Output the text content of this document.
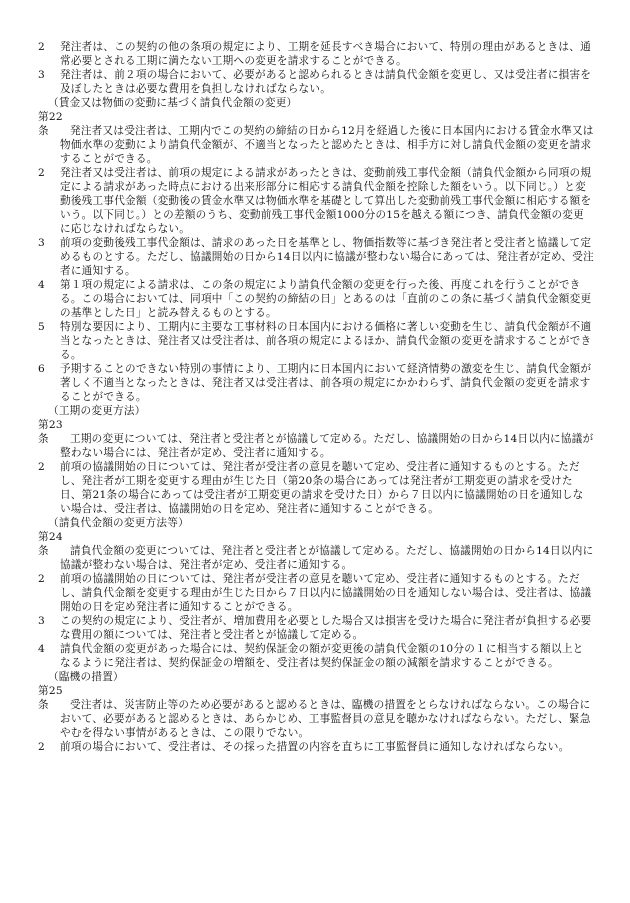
2 発注者は、この契約の他の条項の規定により、工期を延長すべき場合において、特別の理由があるときは、通常必要とされる工期に満たない工期への変更を請求することができる。

3 発注者は、前２項の場合において、必要があると認められるときは請負代金額を変更し、又は受注者に損害を及ぼしたときは必要な費用を負担しなければならない。

（賃金又は物価の変動に基づく請負代金額の変更）

第22条 発注者又は受注者は、工期内でこの契約の締結の日から12月を経過した後に日本国内における賃金水準又は物価水準の変動により請負代金額が、不適当となったと認めたときは、相手方に対し請負代金額の変更を請求することができる。

2 発注者又は受注者は、前項の規定による請求があったときは、変動前残工事代金額（請負代金額から同項の規定による請求があった時点における出来形部分に相応する請負代金額を控除した額をいう。以下同じ。）と変動後残工事代金額（変動後の賃金水準又は物価水準を基礎として算出した変動前残工事代金額に相応する額をいう。以下同じ。）との差額のうち、変動前残工事代金額1000分の15を越える額につき、請負代金額の変更に応じなければならない。

3 前項の変動後残工事代金額は、請求のあった日を基準とし、物価指数等に基づき発注者と受注者と協議して定めるものとする。ただし、協議開始の日から14日以内に協議が整わない場合にあっては、発注者が定め、受注者に通知する。

4 第１項の規定による請求は、この条の規定により請負代金額の変更を行った後、再度これを行うことができる。この場合においては、同項中「この契約の締結の日」とあるのは「直前のこの条に基づく請負代金額変更の基準とした日」と読み替えるものとする。

5 特別な要因により、工期内に主要な工事材料の日本国内における価格に著しい変動を生じ、請負代金額が不適当となったときは、発注者又は受注者は、前各項の規定によるほか、請負代金額の変更を請求することができる。

6 予期することのできない特別の事情により、工期内に日本国内において経済情勢の激変を生じ、請負代金額が著しく不適当となったときは、発注者又は受注者は、前各項の規定にかかわらず、請負代金額の変更を請求することができる。

（工期の変更方法）

第23条 工期の変更については、発注者と受注者とが協議して定める。ただし、協議開始の日から14日以内に協議が整わない場合には、発注者が定め、受注者に通知する。

2 前項の協議開始の日については、発注者が受注者の意見を聴いて定め、受注者に通知するものとする。ただし、発注者が工期を変更する理由が生じた日（第20条の場合にあっては発注者が工期変更の請求を受けた日、第21条の場合にあっては受注者が工期変更の請求を受けた日）から７日以内に協議開始の日を通知しない場合は、受注者は、協議開始の日を定め、発注者に通知することができる。

（請負代金額の変更方法等）

第24条 請負代金額の変更については、発注者と受注者とが協議して定める。ただし、協議開始の日から14日以内に協議が整わない場合は、発注者が定め、受注者に通知する。

2 前項の協議開始の日については、発注者が受注者の意見を聴いて定め、受注者に通知するものとする。ただし、請負代金額を変更する理由が生じた日から７日以内に協議開始の日を通知しない場合は、受注者は、協議開始の日を定め発注者に通知することができる。

3 この契約の規定により、受注者が、増加費用を必要とした場合又は損害を受けた場合に発注者が負担する必要な費用の額については、発注者と受注者とが協議して定める。

4 請負代金額の変更があった場合には、契約保証金の額が変更後の請負代金額の10分の１に相当する額以上となるように発注者は、契約保証金の増額を、受注者は契約保証金の額の減額を請求することができる。

（臨機の措置）

第25条 受注者は、災害防止等のため必要があると認めるときは、臨機の措置をとらなければならない。この場合において、必要があると認めるときは、あらかじめ、工事監督員の意見を聴かなければならない。ただし、緊急やむを得ない事情があるときは、この限りでない。

2 前項の場合において、受注者は、その採った措置の内容を直ちに工事監督員に通知しなければならない。
